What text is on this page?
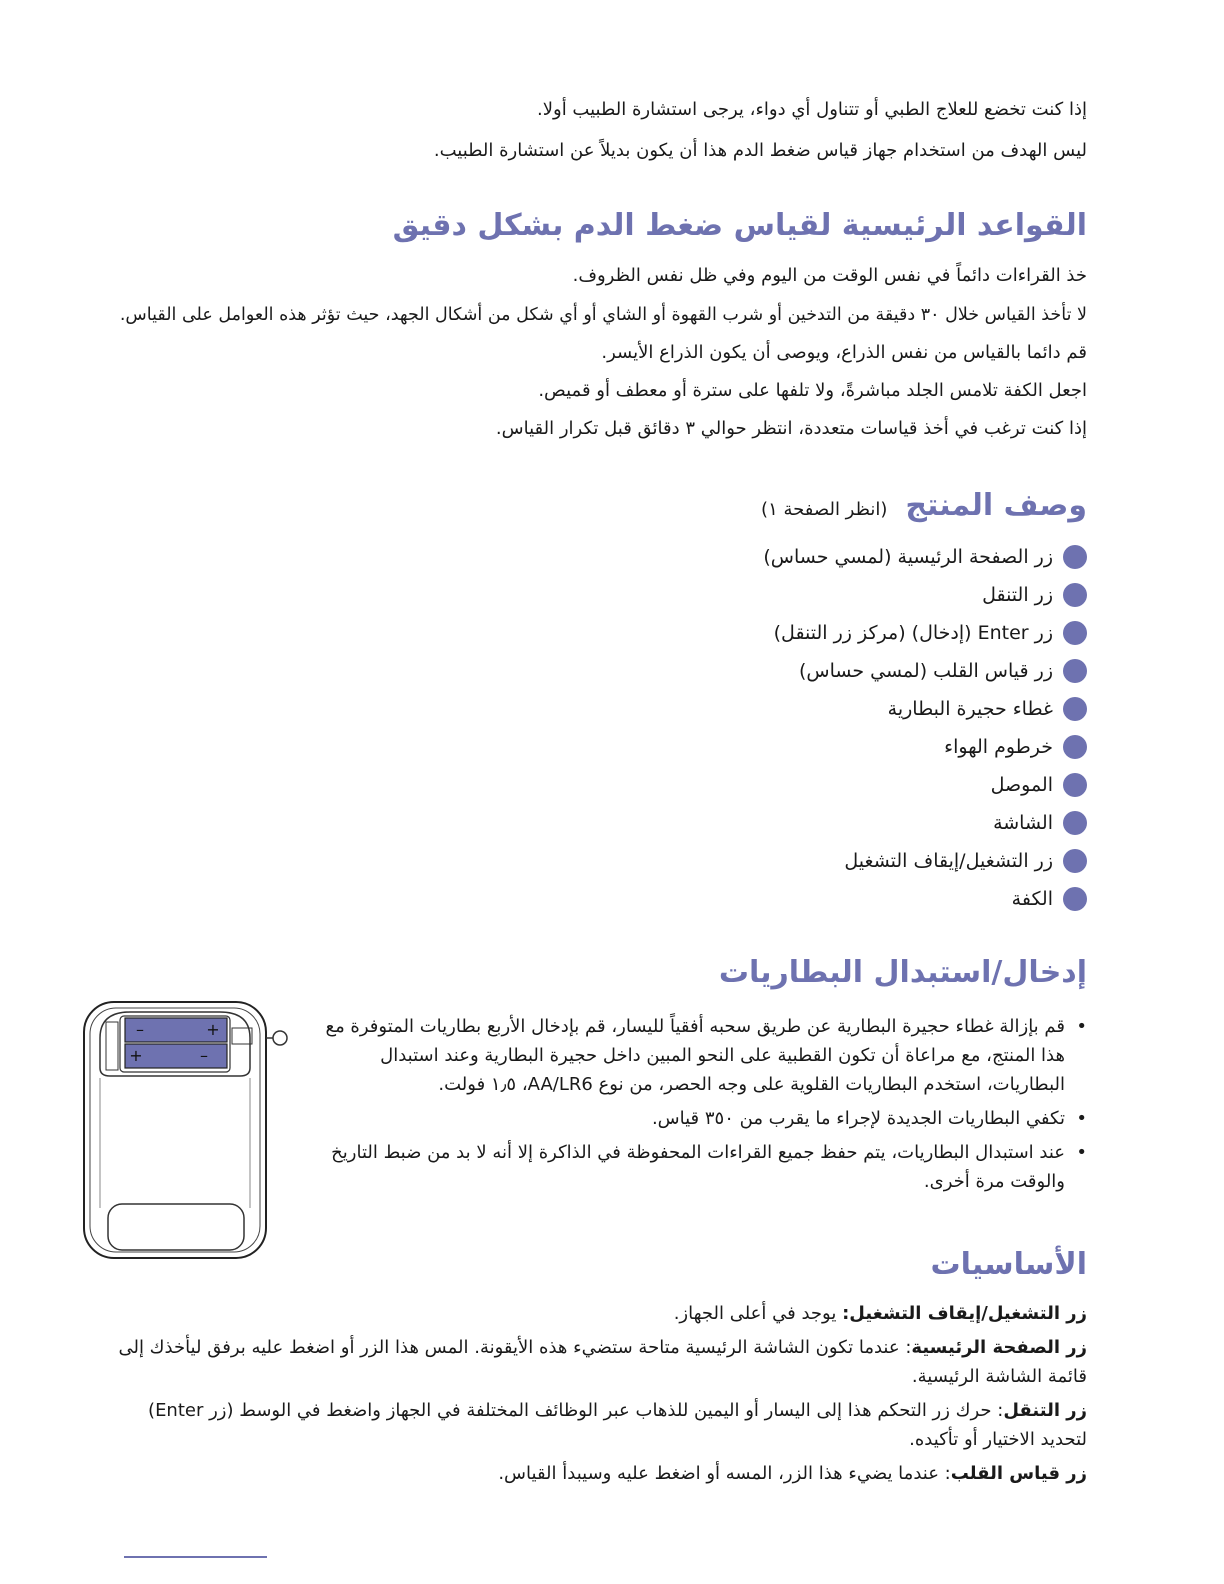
إذا كنت تخضع للعلاج الطبي أو تتناول أي دواء، يرجى استشارة الطبيب أولا.
ليس الهدف من استخدام جهاز قياس ضغط الدم هذا أن يكون بديلاً عن استشارة الطبيب.
القواعد الرئيسية لقياس ضغط الدم بشكل دقيق
خذ القراءات دائماً في نفس الوقت من اليوم وفي ظل نفس الظروف.
لا تأخذ القياس خلال ٣٠ دقيقة من التدخين أو شرب القهوة أو الشاي أو أي شكل من أشكال الجهد، حيث تؤثر هذه العوامل على القياس.
قم دائما بالقياس من نفس الذراع، ويوصى أن يكون الذراع الأيسر.
اجعل الكفة تلامس الجلد مباشرةً، ولا تلفها على سترة أو معطف أو قميص.
إذا كنت ترغب في أخذ قياسات متعددة، انتظر حوالي ٣ دقائق قبل تكرار القياس.
وصف المنتج(انظر الصفحة ١)
زر الصفحة الرئيسية (لمسي حساس)
زر التنقل
زر Enter (إدخال) (مركز زر التنقل)
زر قياس القلب (لمسي حساس)
غطاء حجيرة البطارية
خرطوم الهواء
الموصل
الشاشة
زر التشغيل/إيقاف التشغيل
الكفة
إدخال/استبدال البطاريات
• قم بإزالة غطاء حجيرة البطارية عن طريق سحبه أفقياً لليسار، قم بإدخال الأربع بطاريات المتوفرة مع هذا المنتج، مع مراعاة أن تكون القطبية على النحو المبين داخل حجيرة البطارية وعند استبدال البطاريات، استخدم البطاريات القلوية على وجه الحصر، من نوع AA/LR6، ١٫٥ فولت.
• تكفي البطاريات الجديدة لإجراء ما يقرب من ٣٥٠ قياس.
• عند استبدال البطاريات، يتم حفظ جميع القراءات المحفوظة في الذاكرة إلا أنه لا بد من ضبط التاريخ والوقت مرة أخرى.
–	+
+	–
الأساسيات

زر التشغيل/إيقاف التشغيل: يوجد في أعلى الجهاز.

زر الصفحة الرئيسية: عندما تكون الشاشة الرئيسية متاحة ستضيء هذه الأيقونة. المس هذا الزر أو اضغط عليه برفق ليأخذك إلى قائمة الشاشة الرئيسية.

زر التنقل: حرك زر التحكم هذا إلى اليسار أو اليمين للذهاب عبر الوظائف المختلفة في الجهاز واضغط في الوسط (زر Enter) لتحديد الاختيار أو تأكيده.

زر قياس القلب: عندما يضيء هذا الزر، المسه أو اضغط عليه وسيبدأ القياس.
